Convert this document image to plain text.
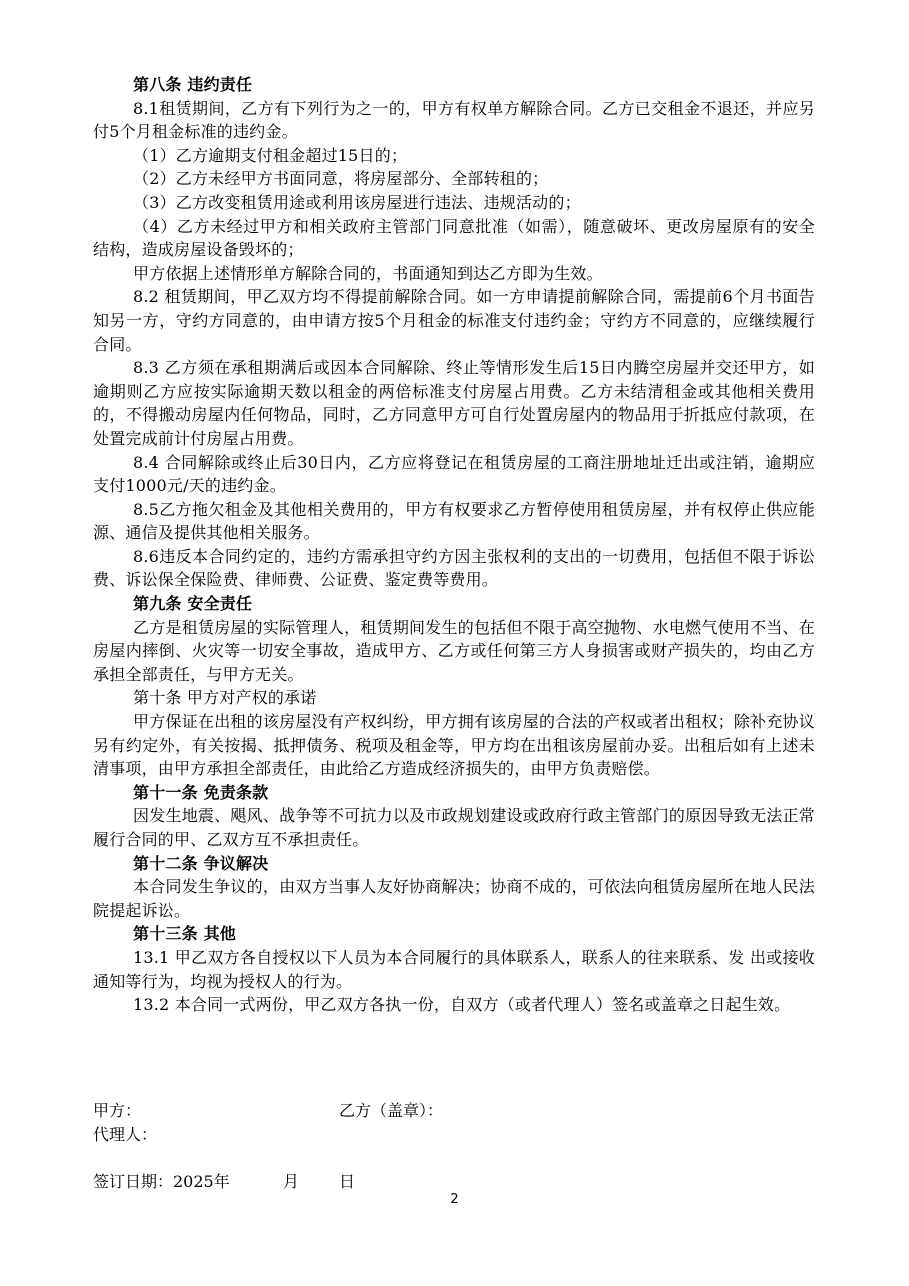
第八条 违约责任

8.1租赁期间，乙方有下列行为之一的，甲方有权单方解除合同。乙方已交租金不退还，并应另付5个月租金标准的违约金。

（1）乙方逾期支付租金超过15日的；

（2）乙方未经甲方书面同意，将房屋部分、全部转租的；

（3）乙方改变租赁用途或利用该房屋进行违法、违规活动的；

（4）乙方未经过甲方和相关政府主管部门同意批准（如需），随意破坏、更改房屋原有的安全结构，造成房屋设备毁坏的；

甲方依据上述情形单方解除合同的，书面通知到达乙方即为生效。

8.2 租赁期间，甲乙双方均不得提前解除合同。如一方申请提前解除合同，需提前6个月书面告知另一方，守约方同意的，由申请方按5个月租金的标准支付违约金；守约方不同意的，应继续履行合同。

8.3 乙方须在承租期满后或因本合同解除、终止等情形发生后15日内腾空房屋并交还甲方，如逾期则乙方应按实际逾期天数以租金的两倍标准支付房屋占用费。乙方未结清租金或其他相关费用的，不得搬动房屋内任何物品，同时，乙方同意甲方可自行处置房屋内的物品用于折抵应付款项，在处置完成前计付房屋占用费。

8.4 合同解除或终止后30日内，乙方应将登记在租赁房屋的工商注册地址迁出或注销，逾期应支付1000元/天的违约金。

8.5乙方拖欠租金及其他相关费用的，甲方有权要求乙方暂停使用租赁房屋，并有权停止供应能源、通信及提供其他相关服务。

8.6违反本合同约定的，违约方需承担守约方因主张权利的支出的一切费用，包括但不限于诉讼费、诉讼保全保险费、律师费、公证费、鉴定费等费用。

第九条 安全责任

乙方是租赁房屋的实际管理人，租赁期间发生的包括但不限于高空抛物、水电燃气使用不当、在房屋内摔倒、火灾等一切安全事故，造成甲方、乙方或任何第三方人身损害或财产损失的，均由乙方承担全部责任，与甲方无关。

第十条 甲方对产权的承诺

甲方保证在出租的该房屋没有产权纠纷，甲方拥有该房屋的合法的产权或者出租权；除补充协议另有约定外，有关按揭、抵押债务、税项及租金等，甲方均在出租该房屋前办妥。出租后如有上述未清事项，由甲方承担全部责任，由此给乙方造成经济损失的，由甲方负责赔偿。

第十一条 免责条款

因发生地震、飓风、战争等不可抗力以及市政规划建设或政府行政主管部门的原因导致无法正常履行合同的甲、乙双方互不承担责任。

第十二条 争议解决

本合同发生争议的，由双方当事人友好协商解决；协商不成的，可依法向租赁房屋所在地人民法院提起诉讼。

第十三条 其他

13.1 甲乙双方各自授权以下人员为本合同履行的具体联系人，联系人的往来联系、发 出或接收通知等行为，均视为授权人的行为。

13.2 本合同一式两份，甲乙双方各执一份，自双方（或者代理人）签名或盖章之日起生效。

甲方：	乙方（盖章）：
代理人：
签订日期：2025年	月 日
2
